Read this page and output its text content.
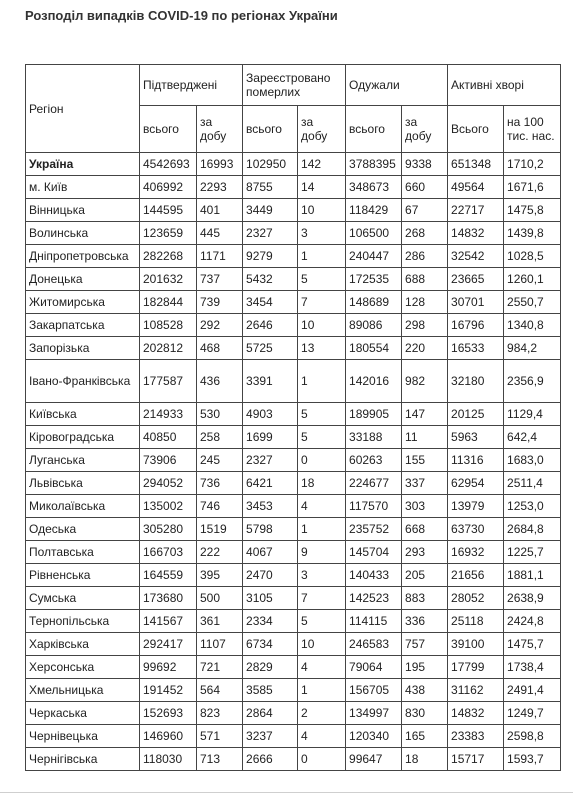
Розподіл випадків COVID-19 по регіонах України
Регіон	Підтверджені		Зареєстровано померлих		Одужали		Активні хворі	
	всього	за добу	всього	за добу	всього	за добу	Всього	на 100 тис. нас.
Україна	4542693	16993	102950	142	3788395	9338	651348	1710,2
м. Київ	406992	2293	8755	14	348673	660	49564	1671,6
Вінницька	144595	401	3449	10	118429	67	22717	1475,8
Волинська	123659	445	2327	3	106500	268	14832	1439,8
Дніпропетровська	282268	1171	9279	1	240447	286	32542	1028,5
Донецька	201632	737	5432	5	172535	688	23665	1260,1
Житомирська	182844	739	3454	7	148689	128	30701	2550,7
Закарпатська	108528	292	2646	10	89086	298	16796	1340,8
Запорізька	202812	468	5725	13	180554	220	16533	984,2
Івано-Франківська	177587	436	3391	1	142016	982	32180	2356,9
Київська	214933	530	4903	5	189905	147	20125	1129,4
Кіровоградська	40850	258	1699	5	33188	11	5963	642,4
Луганська	73906	245	2327	0	60263	155	11316	1683,0
Львівська	294052	736	6421	18	224677	337	62954	2511,4
Миколаївська	135002	746	3453	4	117570	303	13979	1253,0
Одеська	305280	1519	5798	1	235752	668	63730	2684,8
Полтавська	166703	222	4067	9	145704	293	16932	1225,7
Рівненська	164559	395	2470	3	140433	205	21656	1881,1
Сумська	173680	500	3105	7	142523	883	28052	2638,9
Тернопільська	141567	361	2334	5	114115	336	25118	2424,8
Харківська	292417	1107	6734	10	246583	757	39100	1475,7
Херсонська	99692	721	2829	4	79064	195	17799	1738,4
Хмельницька	191452	564	3585	1	156705	438	31162	2491,4
Черкаська	152693	823	2864	2	134997	830	14832	1249,7
Чернівецька	146960	571	3237	4	120340	165	23383	2598,8
Чернігівська	118030	713	2666	0	99647	18	15717	1593,7
